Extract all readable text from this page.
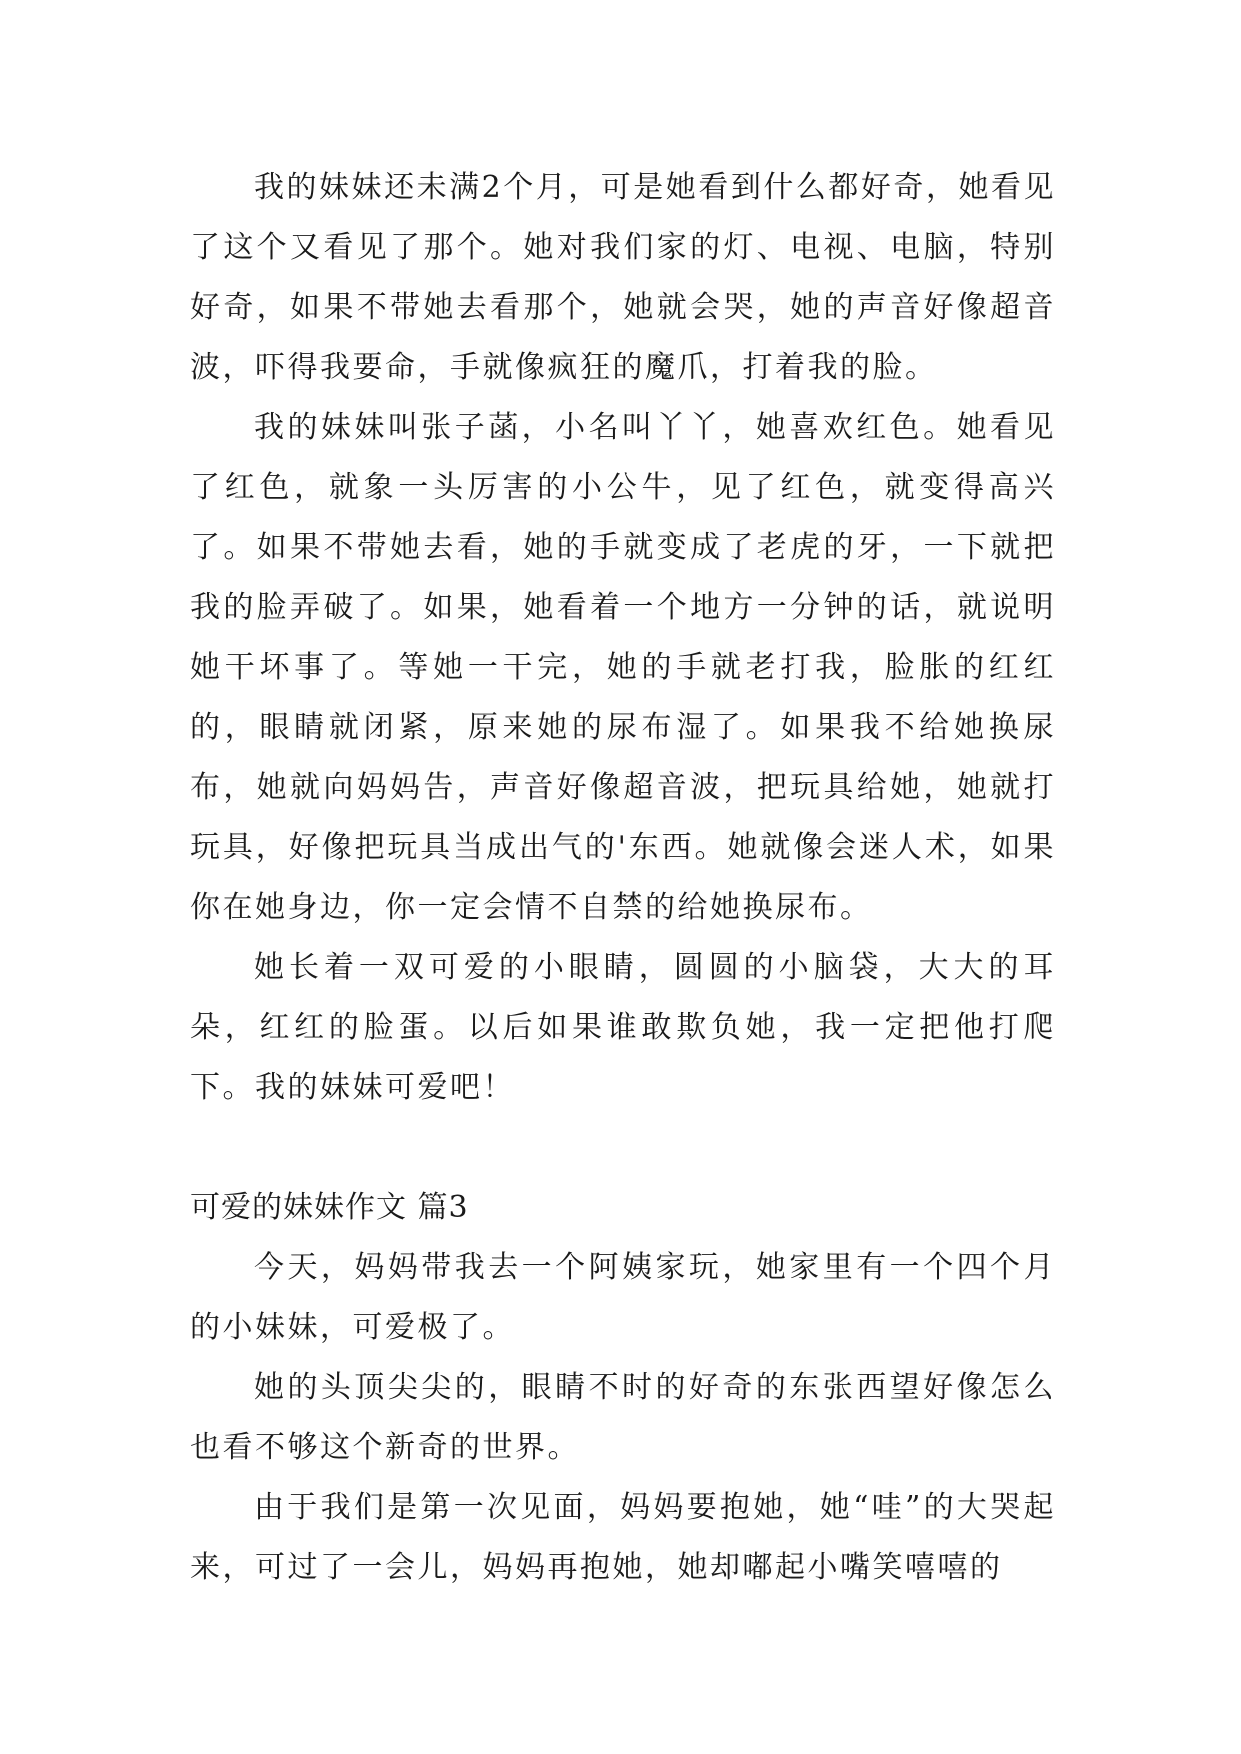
我的妹妹还未满2个月，可是她看到什么都好奇，她看见了这个又看见了那个。她对我们家的灯、电视、电脑，特别好奇，如果不带她去看那个，她就会哭，她的声音好像超音波，吓得我要命，手就像疯狂的魔爪，打着我的脸。

我的妹妹叫张子菡，小名叫丫丫，她喜欢红色。她看见了红色，就象一头厉害的小公牛，见了红色，就变得高兴了。如果不带她去看，她的手就变成了老虎的牙，一下就把我的脸弄破了。如果，她看着一个地方一分钟的话，就说明她干坏事了。等她一干完，她的手就老打我，脸胀的红红的，眼睛就闭紧，原来她的尿布湿了。如果我不给她换尿布，她就向妈妈告，声音好像超音波，把玩具给她，她就打玩具，好像把玩具当成出气的'东西。她就像会迷人术，如果你在她身边，你一定会情不自禁的给她换尿布。

她长着一双可爱的小眼睛，圆圆的小脑袋，大大的耳朵，红红的脸蛋。以后如果谁敢欺负她，我一定把他打爬下。我的妹妹可爱吧！

可爱的妹妹作文 篇3

今天，妈妈带我去一个阿姨家玩，她家里有一个四个月的小妹妹，可爱极了。

她的头顶尖尖的，眼睛不时的好奇的东张西望好像怎么也看不够这个新奇的世界。

由于我们是第一次见面，妈妈要抱她，她“哇”的大哭起来，可过了一会儿，妈妈再抱她，她却嘟起小嘴笑嘻嘻的
